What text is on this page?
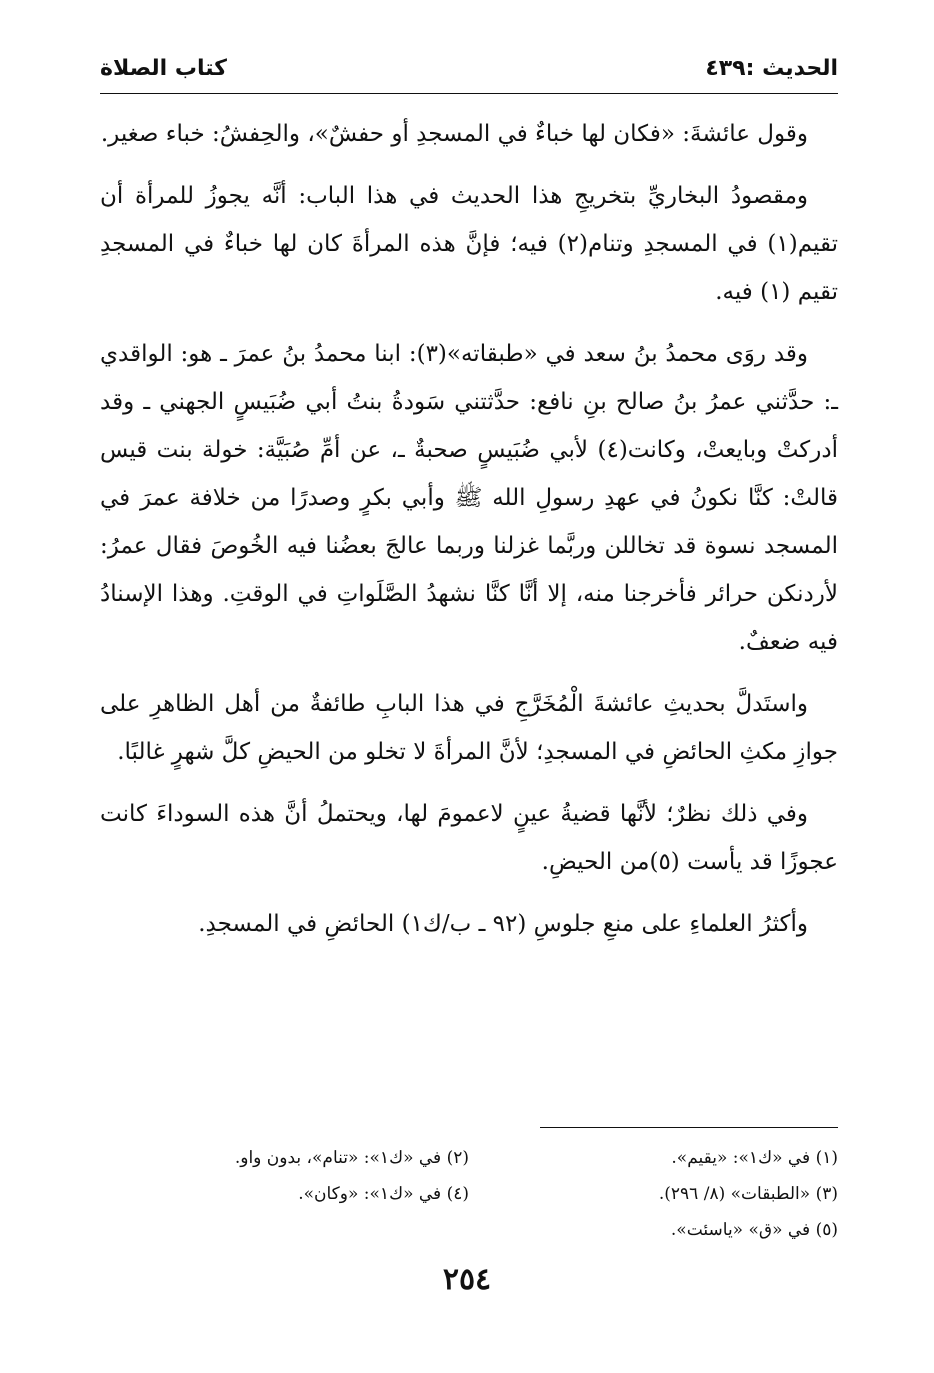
الحديث :٤٣٩
كتاب الصلاة

وقول عائشةَ: «فكان لها خباءٌ في المسجدِ أو حفشٌ»، والحِفشُ: خباء صغير.

ومقصودُ البخاريِّ بتخريجِ هذا الحديث في هذا الباب: أنَّه يجوزُ للمرأة أن تقيم(١) في المسجدِ وتنام(٢) فيه؛ فإنَّ هذه المرأةَ كان لها خباءٌ في المسجدِ تقيم (١) فيه.

وقد روَى محمدُ بنُ سعد في «طبقاته»(٣): ابنا محمدُ بنُ عمرَ ـ هو: الواقدي ـ: حدَّثني عمرُ بنُ صالح بنِ نافع: حدَّثتني سَودةُ بنتُ أبي ضُبَيسٍ الجهني ـ وقد أدركتْ وبايعتْ، وكانت(٤) لأبي ضُبَيسٍ صحبةٌ ـ، عن أمِّ صُبَيَّة: خولة بنت قيس قالتْ: كنَّا نكونُ في عهدِ رسولِ الله ﷺ وأبي بكرٍ وصدرًا من خلافة عمرَ في المسجد نسوة قد تخاللن وربَّما غزلنا وربما عالجَ بعضُنا فيه الخُوصَ فقال عمرُ: لأردنكن حرائر فأخرجنا منه، إلا أنَّا كنَّا نشهدُ الصَّلَواتِ في الوقتِ. وهذا الإسنادُ فيه ضعفٌ.

واستَدلَّ بحديثِ عائشةَ الْمُخَرَّجِ في هذا البابِ طائفةٌ من أهل الظاهرِ على جوازِ مكثِ الحائضِ في المسجدِ؛ لأنَّ المرأةَ لا تخلو من الحيضِ كلَّ شهرٍ غالبًا.

وفي ذلك نظرٌ؛ لأنَّها قضيةُ عينٍ لاعمومَ لها، ويحتملُ أنَّ هذه السوداءَ كانت عجوزًا قد يأست (٥)من الحيضِ.

وأكثرُ العلماءِ على منعِ جلوسِ (٩٢ ـ ب/ك١) الحائضِ في المسجدِ.

(١) في «ك١»: «يقيم».
(٢) في «ك١»: «تنام»، بدون واو.
(٣) «الطبقات» (٨/ ٢٩٦).
(٤) في «ك١»: «وكان».
(٥) في «ق» «ياسئت».
٢٥٤
